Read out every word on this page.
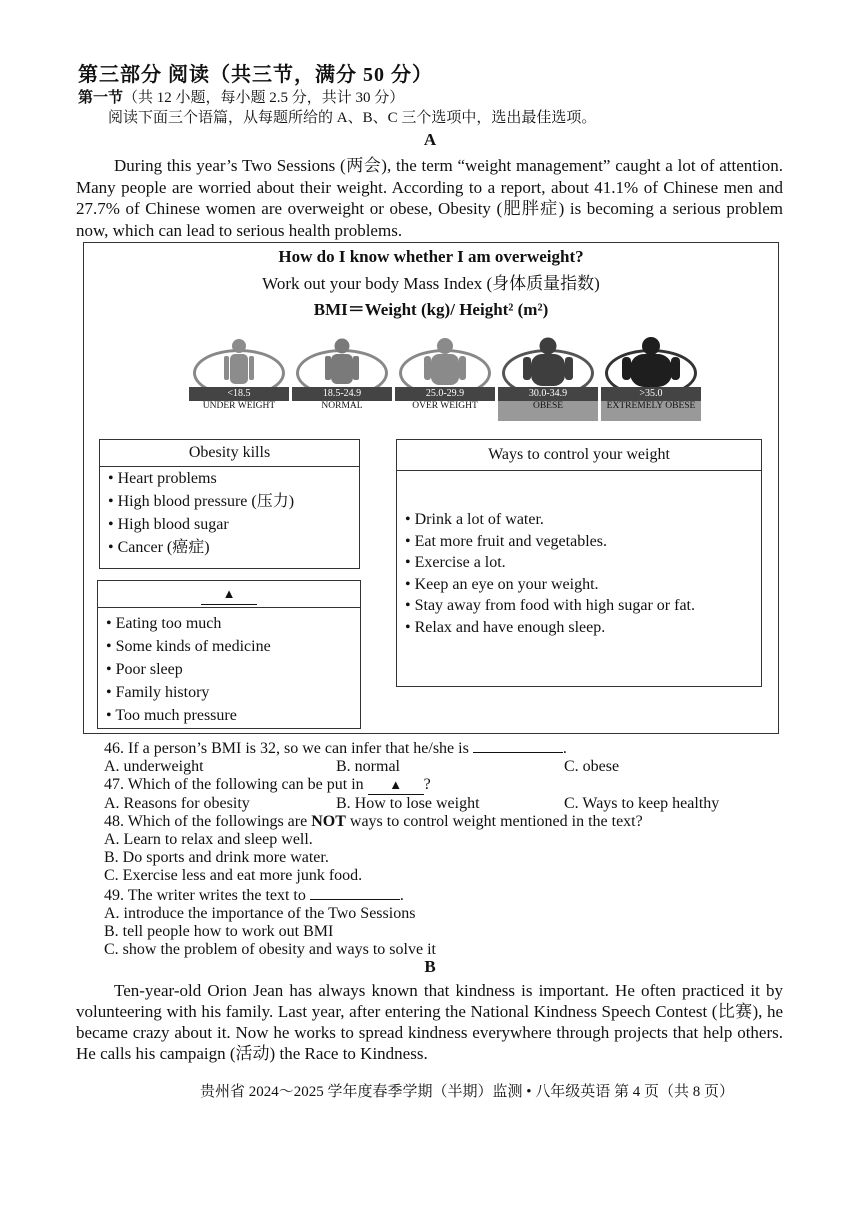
第三部分 阅读（共三节，满分 50 分）
第一节（共 12 小题，每小题 2.5 分，共计 30 分）
阅读下面三个语篇，从每题所给的 A、B、C 三个选项中，选出最佳选项。
A
During this year’s Two Sessions (两会), the term “weight management” caught a lot of attention. Many people are worried about their weight. According to a report, about 41.1% of Chinese men and 27.7% of Chinese women are overweight or obese, Obesity (肥胖症) is becoming a serious problem now, which can lead to serious health problems.
How do I know whether I am overweight?
Work out your body Mass Index (身体质量指数)
BMI＝Weight (kg)/ Height² (m²)
<18.5
UNDER WEIGHT
18.5-24.9
NORMAL
25.0-29.9
OVER WEIGHT
30.0-34.9
OBESE
>35.0
EXTREMELY OBESE
Obesity kills
• Heart problems
• High blood pressure (压力)
• High blood sugar
• Cancer (癌症)
▲
• Eating too much
• Some kinds of medicine
• Poor sleep
• Family history
• Too much pressure
Ways to control your weight
• Drink a lot of water.
• Eat more fruit and vegetables.
• Exercise a lot.
• Keep an eye on your weight.
• Stay away from food with high sugar or fat.
• Relax and have enough sleep.
46. If a person’s BMI is 32, so we can infer that he/she is	.
A. underweight	B. normal	C. obese
47. Which of the following can be put in ▲ ?
A. Reasons for obesity	B. How to lose weight	C. Ways to keep healthy
48. Which of the followings are NOT ways to control weight mentioned in the text?
A. Learn to relax and sleep well.
B. Do sports and drink more water.
C. Exercise less and eat more junk food.
49. The writer writes the text to	.
A. introduce the importance of the Two Sessions
B. tell people how to work out BMI
C. show the problem of obesity and ways to solve it
B
Ten-year-old Orion Jean has always known that kindness is important. He often practiced it by volunteering with his family. Last year, after entering the National Kindness Speech Contest (比赛), he became crazy about it. Now he works to spread kindness everywhere through projects that help others. He calls his campaign (活动) the Race to Kindness.
贵州省 2024～2025 学年度春季学期（半期）监测 • 八年级英语 第 4 页（共 8 页）
